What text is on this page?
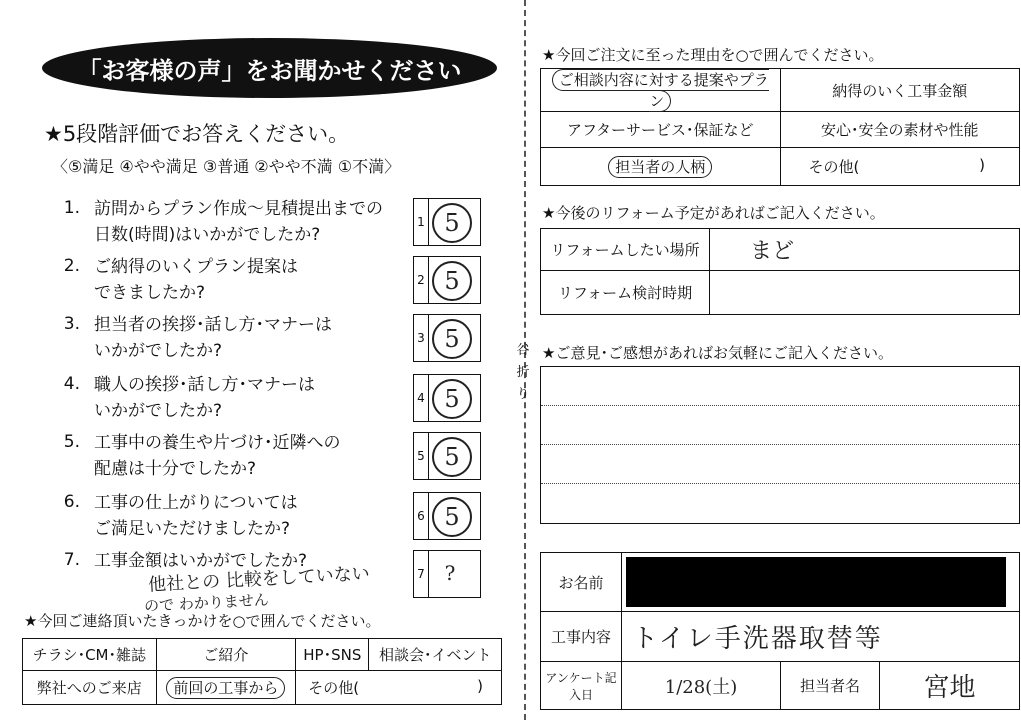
谷折り
「お客様の声」をお聞かせください
★5段階評価でお答えください。
〈⑤満足 ④やや満足 ③普通 ②やや不満 ①不満〉
1. 訪問からプラン作成〜見積提出までの
日数(時間)はいかがでしたか?
1 5
2. ご納得のいくプラン提案は
できましたか?
2 5
3. 担当者の挨拶･話し方･マナーは
いかがでしたか?
3 5
4. 職人の挨拶･話し方･マナーは
いかがでしたか?
4 5
5. 工事中の養生や片づけ･近隣への
配慮は十分でしたか?
5 5
6. 工事の仕上がりについては
ご満足いただけましたか?
6 5
7. 工事金額はいかがでしたか?
7 ?
他社との 比較をしていない
ので わかりません
★今回ご連絡頂いたきっかけを○で囲んでください。
チラシ･CM･雑誌	ご紹介	HP･SNS	相談会･イベント
弊社へのご来店	前回の工事から	その他( )	
★今回ご注文に至った理由を○で囲んでください。
ご相談内容に対する提案やプラン	納得のいく工事金額
アフターサービス･保証など	安心･安全の素材や性能
担当者の人柄	その他( )
★今後のリフォーム予定があればご記入ください。
リフォームしたい場所	まど
リフォーム検討時期	
★ご意見･ご感想があればお気軽にご記入ください。
お名前			

工事内容	トイレ手洗器取替等		
アンケート記入日	1/28(土)	担当者名	宮地
